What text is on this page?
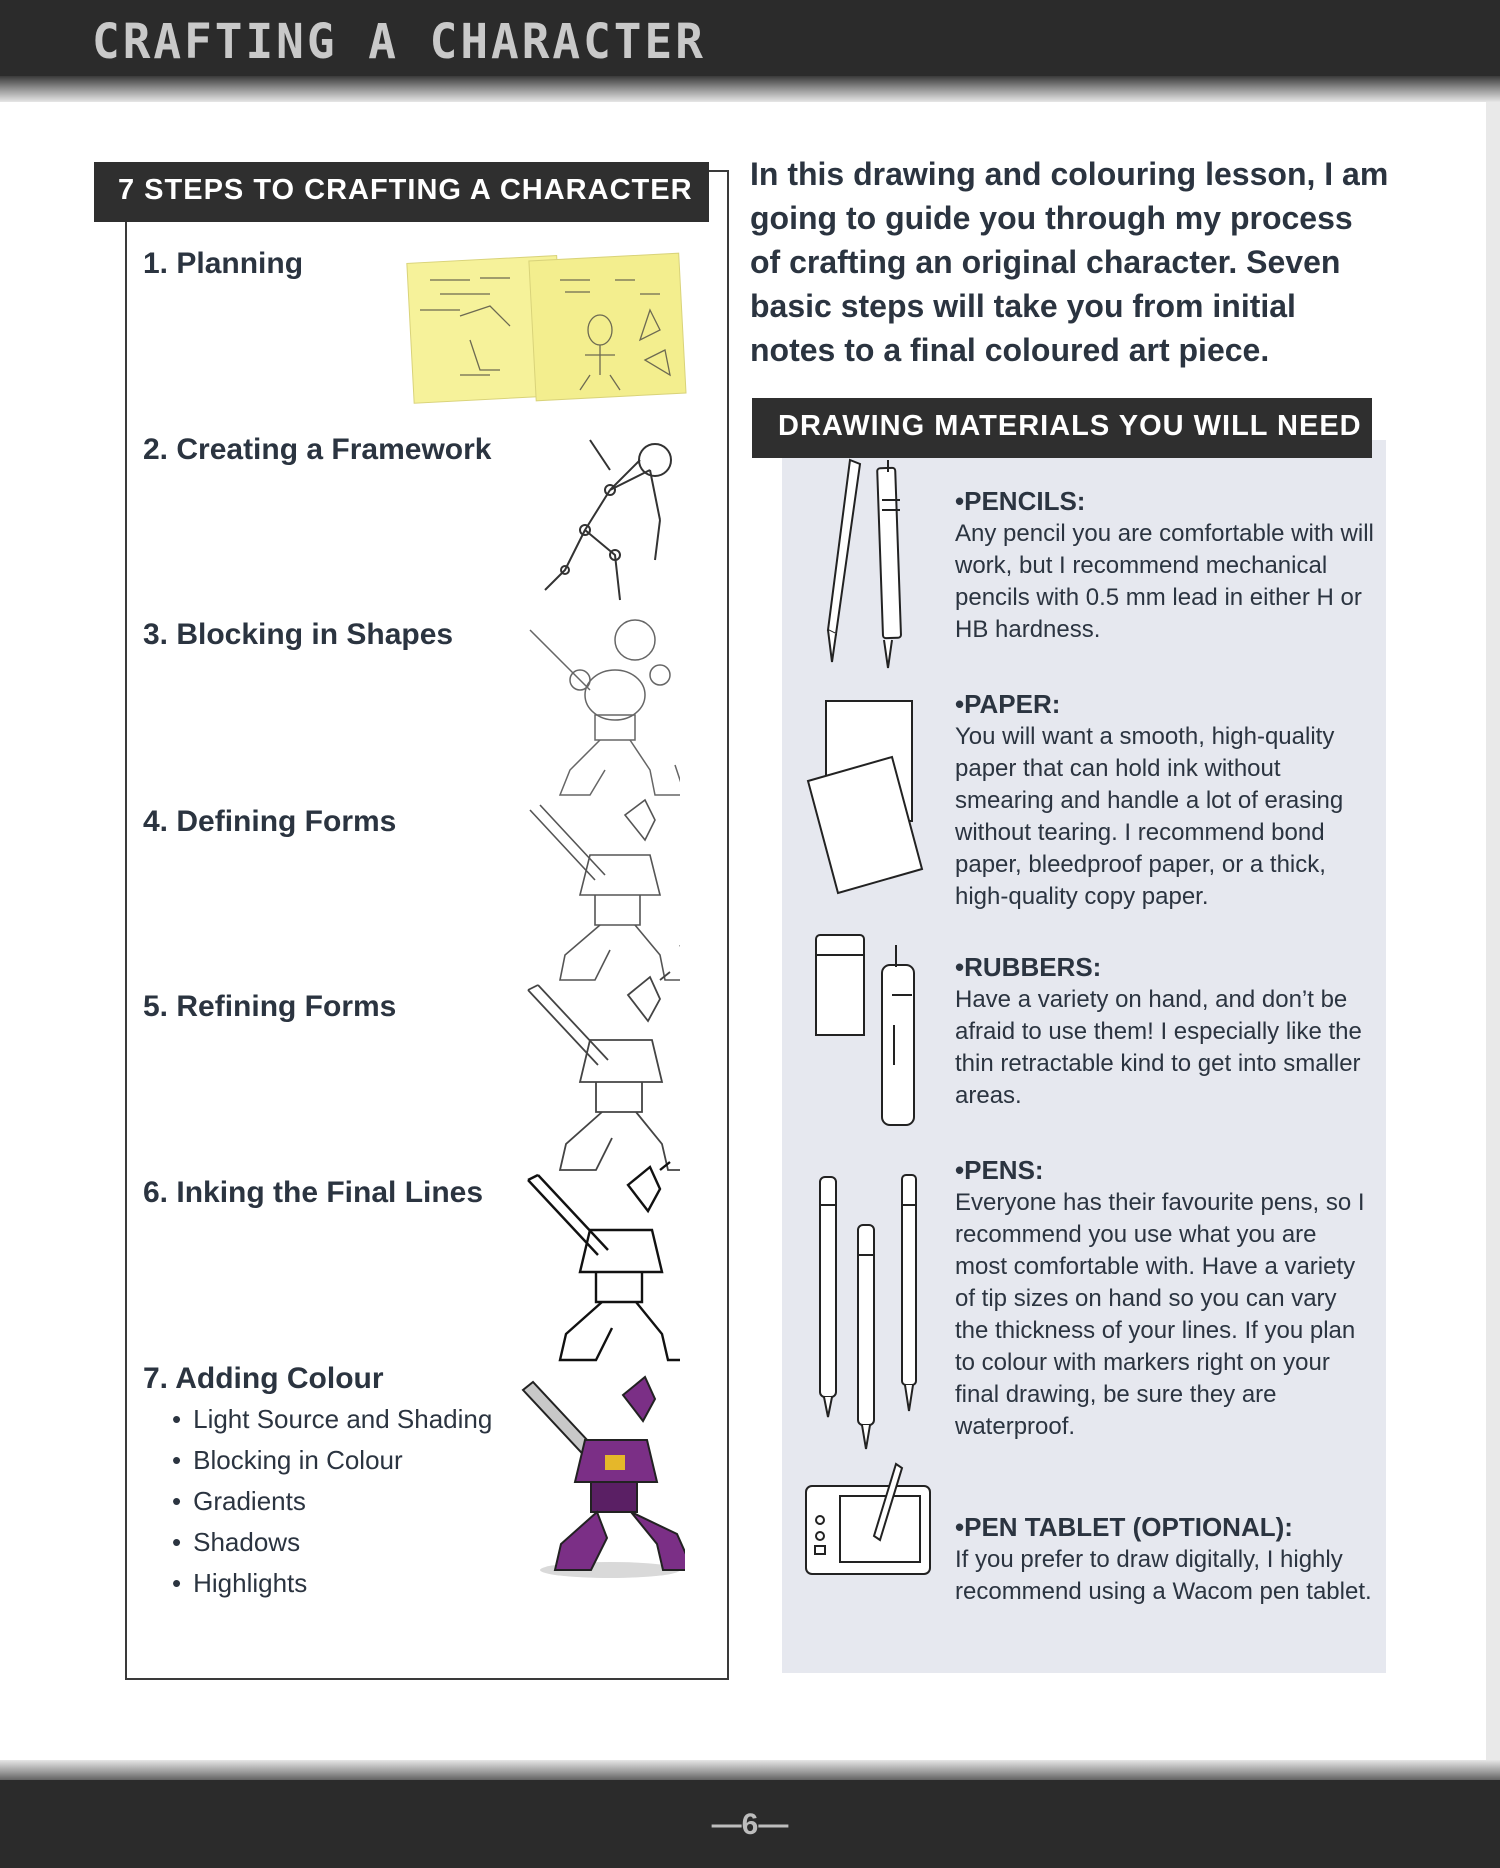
CRAFTING A CHARACTER
7 STEPS TO CRAFTING A CHARACTER
1. Planning
2. Creating a Framework
3. Blocking in Shapes
4. Defining Forms
5. Refining Forms
6. Inking the Final Lines
7. Adding Colour
• Light Source and Shading
• Blocking in Colour
• Gradients
• Shadows
• Highlights
In this drawing and colouring lesson, I am going to guide you through my process of crafting an original character. Seven basic steps will take you from initial notes to a final coloured art piece.
DRAWING MATERIALS YOU WILL NEED
• PENCILS:
Any pencil you are comfortable with will work, but I recommend mechanical pencils with 0.5 mm lead in either H or HB hardness.
• PAPER:
You will want a smooth, high-quality paper that can hold ink without smearing and handle a lot of erasing without tearing. I recommend bond paper, bleedproof paper, or a thick, high-quality copy paper.
• RUBBERS:
Have a variety on hand, and don’t be afraid to use them! I especially like the thin retractable kind to get into smaller areas.
• PENS:
Everyone has their favourite pens, so I recommend you use what you are most comfortable with. Have a variety of tip sizes on hand so you can vary the thickness of your lines. If you plan to colour with markers right on your final drawing, be sure they are waterproof.
• PEN TABLET (OPTIONAL):
If you prefer to draw digitally, I highly recommend using a Wacom pen tablet.
—6—
